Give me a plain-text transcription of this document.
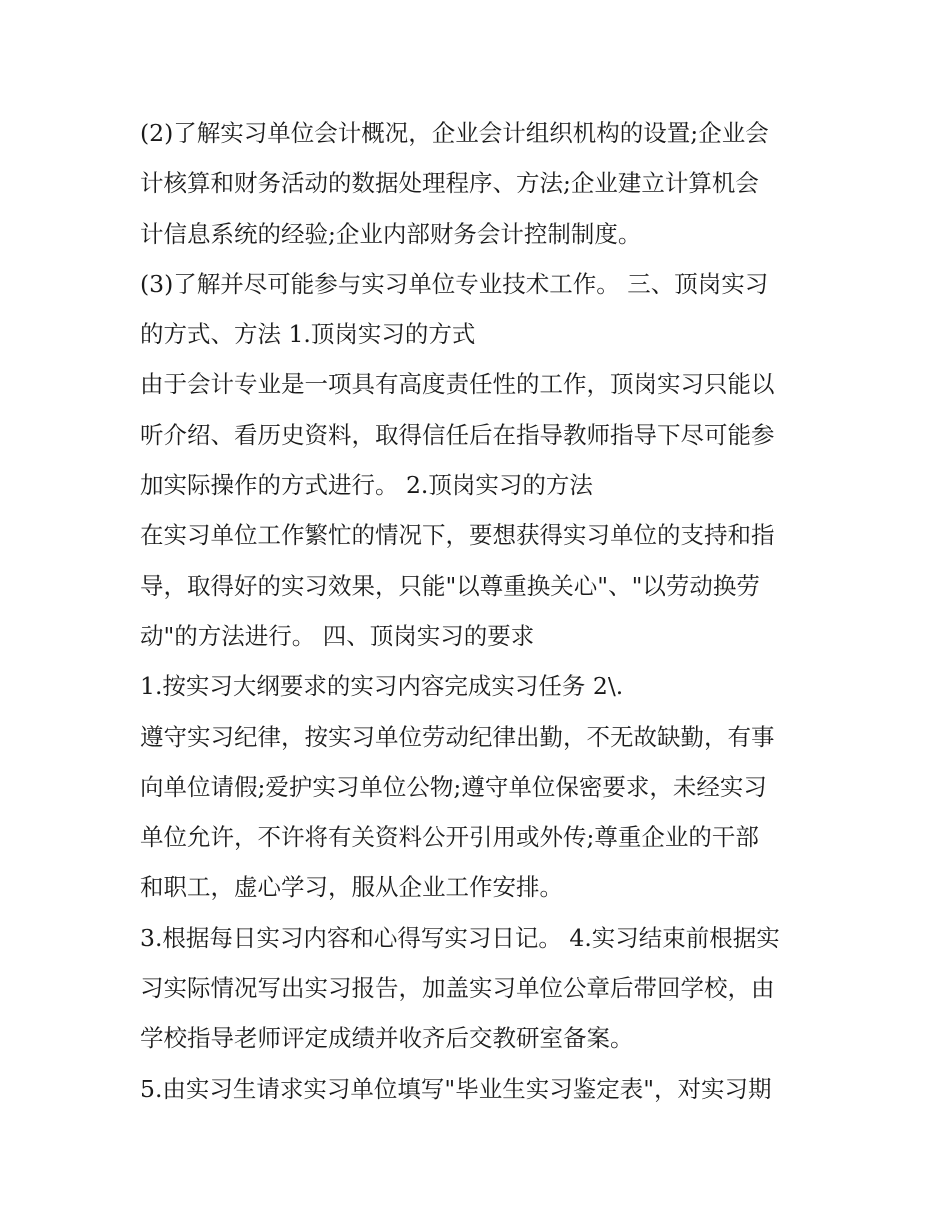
(2)了解实习单位会计概况，企业会计组织机构的设置;企业会
计核算和财务活动的数据处理程序、方法;企业建立计算机会
计信息系统的经验;企业内部财务会计控制制度。
(3)了解并尽可能参与实习单位专业技术工作。 三、顶岗实习
的方式、方法 1.顶岗实习的方式
由于会计专业是一项具有高度责任性的工作，顶岗实习只能以
听介绍、看历史资料，取得信任后在指导教师指导下尽可能参
加实际操作的方式进行。 2.顶岗实习的方法
在实习单位工作繁忙的情况下，要想获得实习单位的支持和指
导，取得好的实习效果，只能"以尊重换关心"、"以劳动换劳
动"的方法进行。 四、顶岗实习的要求
1.按实习大纲要求的实习内容完成实习任务 2\.
遵守实习纪律，按实习单位劳动纪律出勤，不无故缺勤，有事
向单位请假;爱护实习单位公物;遵守单位保密要求，未经实习
单位允许，不许将有关资料公开引用或外传;尊重企业的干部
和职工，虚心学习，服从企业工作安排。
3.根据每日实习内容和心得写实习日记。 4.实习结束前根据实
习实际情况写出实习报告，加盖实习单位公章后带回学校，由
学校指导老师评定成绩并收齐后交教研室备案。
5.由实习生请求实习单位填写"毕业生实习鉴定表"，对实习期
